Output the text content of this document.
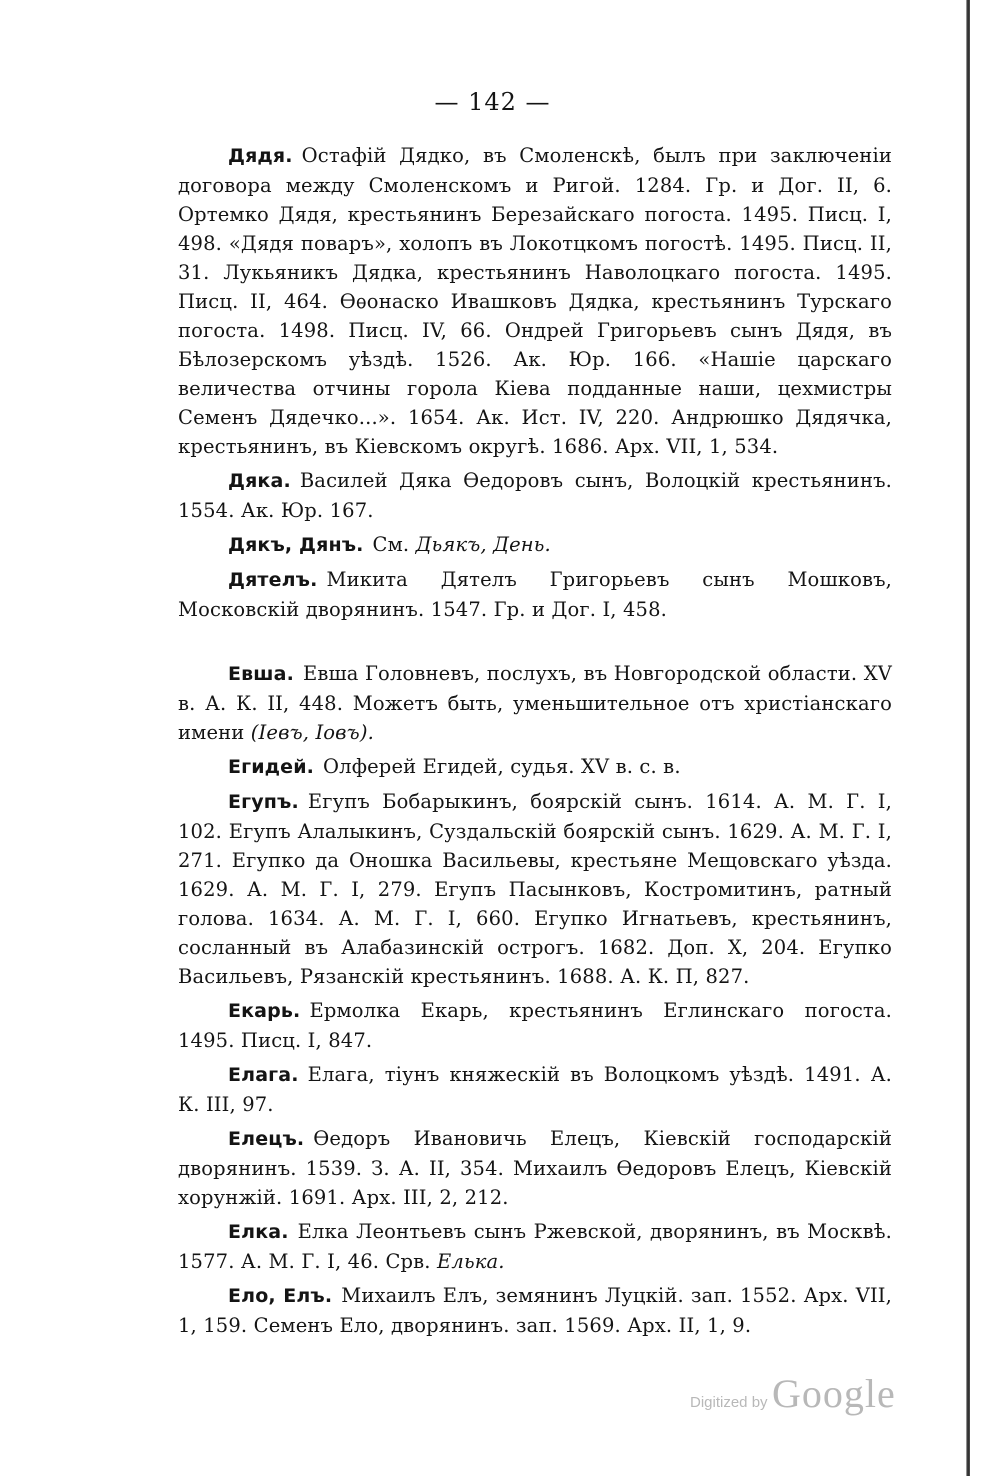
— 142 —

Дядя. Остафій Дядко, въ Смоленскѣ, былъ при заключеніи договора между Смоленскомъ и Ригой. 1284. Гр. и Дог. II, 6. Ортемко Дядя, крестьянинъ Березайскаго погоста. 1495. Писц. I, 498. «Дядя поваръ», холопъ въ Локотцкомъ погостѣ. 1495. Писц. II, 31. Лукьяникъ Дядка, крестьянинъ Наволоцкаго погоста. 1495. Писц. II, 464. Ѳѳонаско Ивашковъ Дядка, крестьянинъ Турскаго погоста. 1498. Писц. IV, 66. Ондрей Григорьевъ сынъ Дядя, въ Бѣлозерскомъ уѣздѣ. 1526. Ак. Юр. 166. «Нашіе царскаго величества отчины горола Кіева подданные наши, цехмистры Семенъ Дядечко...». 1654. Ак. Ист. IV, 220. Андрюшко Дядячка, крестьянинъ, въ Кіевскомъ округѣ. 1686. Арх. VII, 1, 534.

Дяка. Василей Дяка Ѳедоровъ сынъ, Волоцкій крестьянинъ. 1554. Ак. Юр. 167.

Дякъ, Дянъ. См. Дьякъ, День.

Дятелъ. Микита Дятелъ Григорьевъ сынъ Мошковъ, Московскій дворянинъ. 1547. Гр. и Дог. I, 458.

Евша. Евша Головневъ, послухъ, въ Новгородской области. XV в. А. К. II, 448. Можетъ быть, уменьшительное отъ христіанскаго имени (Іевъ, Іовъ).

Егидей. Олферей Егидей, судья. XV в. с. в.

Егупъ. Егупъ Бобарыкинъ, боярскій сынъ. 1614. А. М. Г. I, 102. Егупъ Алалыкинъ, Суздальскій боярскій сынъ. 1629. А. М. Г. I, 271. Егупко да Оношка Васильевы, крестьяне Мещовскаго уѣзда. 1629. А. М. Г. I, 279. Егупъ Пасынковъ, Костромитинъ, ратный голова. 1634. А. М. Г. I, 660. Егупко Игнатьевъ, крестьянинъ, сосланный въ Алабазинскій острогъ. 1682. Доп. X, 204. Егупко Васильевъ, Рязанскій крестьянинъ. 1688. А. К. П, 827.

Екарь. Ермолка Екарь, крестьянинъ Еглинскаго погоста. 1495. Писц. I, 847.

Елага. Елага, тіунъ княжескій въ Волоцкомъ уѣздѣ. 1491. А. К. III, 97.

Елецъ. Ѳедоръ Ивановичь Елецъ, Кіевскій господарскій дворянинъ. 1539. З. А. II, 354. Михаилъ Ѳедоровъ Елецъ, Кіевскій хорунжій. 1691. Арх. III, 2, 212.

Елка. Елка Леонтьевъ сынъ Ржевской, дворянинъ, въ Москвѣ. 1577. А. М. Г. I, 46. Срв. Елька.

Ело, Елъ. Михаилъ Елъ, земянинъ Луцкій. зап. 1552. Арх. VII, 1, 159. Семенъ Ело, дворянинъ. зап. 1569. Арх. II, 1, 9.

Digitized by Google
